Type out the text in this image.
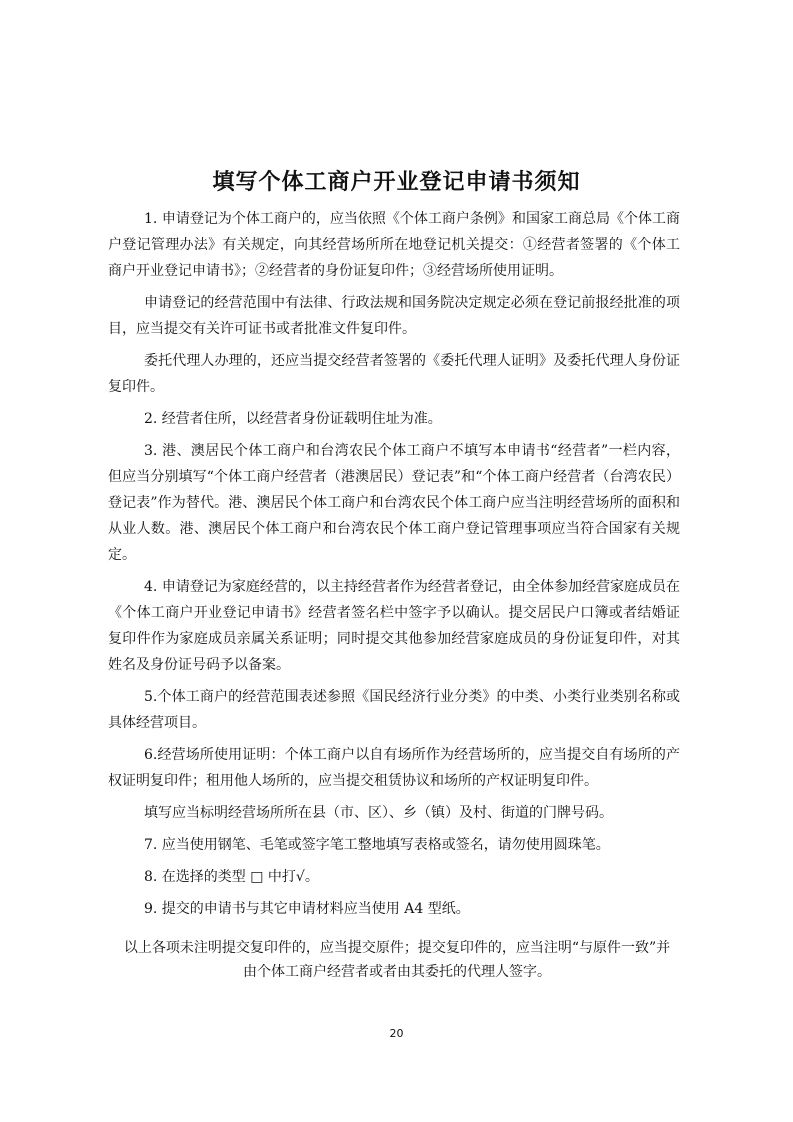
填写个体工商户开业登记申请书须知

1. 申请登记为个体工商户的，应当依照《个体工商户条例》和国家工商总局《个体工商户登记管理办法》有关规定，向其经营场所所在地登记机关提交：①经营者签署的《个体工商户开业登记申请书》；②经营者的身份证复印件；③经营场所使用证明。

申请登记的经营范围中有法律、行政法规和国务院决定规定必须在登记前报经批准的项目，应当提交有关许可证书或者批准文件复印件。

委托代理人办理的，还应当提交经营者签署的《委托代理人证明》及委托代理人身份证复印件。

2. 经营者住所，以经营者身份证载明住址为准。

3. 港、澳居民个体工商户和台湾农民个体工商户不填写本申请书“经营者”一栏内容，但应当分别填写“个体工商户经营者（港澳居民）登记表”和“个体工商户经营者（台湾农民）登记表”作为替代。港、澳居民个体工商户和台湾农民个体工商户应当注明经营场所的面积和从业人数。港、澳居民个体工商户和台湾农民个体工商户登记管理事项应当符合国家有关规定。

4. 申请登记为家庭经营的，以主持经营者作为经营者登记，由全体参加经营家庭成员在《个体工商户开业登记申请书》经营者签名栏中签字予以确认。提交居民户口簿或者结婚证复印件作为家庭成员亲属关系证明；同时提交其他参加经营家庭成员的身份证复印件，对其姓名及身份证号码予以备案。

5.个体工商户的经营范围表述参照《国民经济行业分类》的中类、小类行业类别名称或具体经营项目。

6.经营场所使用证明：个体工商户以自有场所作为经营场所的，应当提交自有场所的产权证明复印件；租用他人场所的，应当提交租赁协议和场所的产权证明复印件。

填写应当标明经营场所所在县（市、区）、乡（镇）及村、街道的门牌号码。

7. 应当使用钢笔、毛笔或签字笔工整地填写表格或签名，请勿使用圆珠笔。

8. 在选择的类型 □ 中打√。

9. 提交的申请书与其它申请材料应当使用 A4 型纸。

以上各项未注明提交复印件的，应当提交原件；提交复印件的，应当注明“与原件一致”并由个体工商户经营者或者由其委托的代理人签字。
20
